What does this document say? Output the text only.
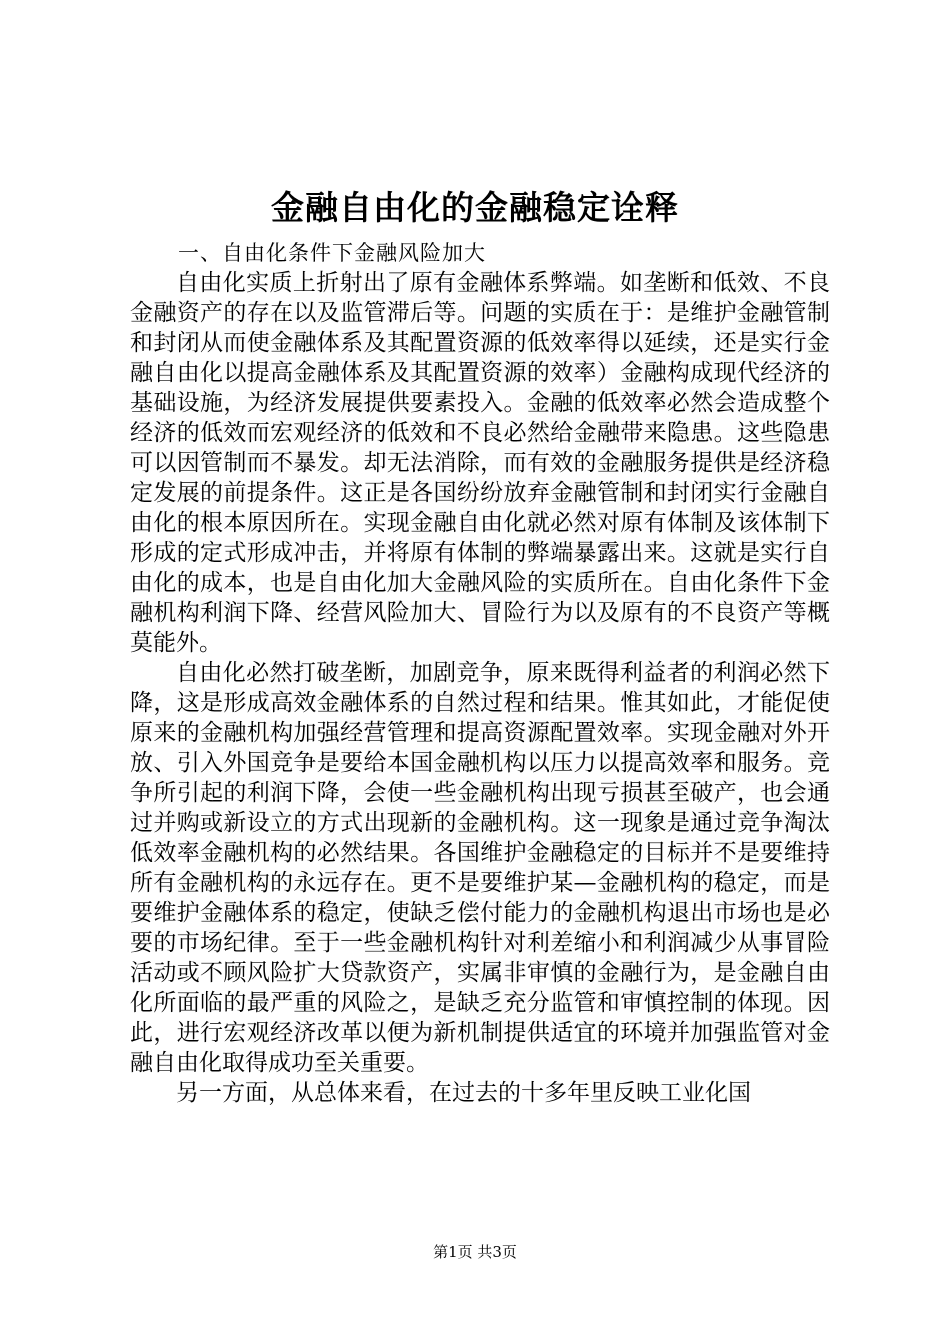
金融自由化的金融稳定诠释
一、自由化条件下金融风险加大

自由化实质上折射出了原有金融体系弊端。如垄断和低效、不良金融资产的存在以及监管滞后等。问题的实质在于：是维护金融管制和封闭从而使金融体系及其配置资源的低效率得以延续，还是实行金融自由化以提高金融体系及其配置资源的效率）金融构成现代经济的基础设施，为经济发展提供要素投入。金融的低效率必然会造成整个经济的低效而宏观经济的低效和不良必然给金融带来隐患。这些隐患可以因管制而不暴发。却无法消除，而有效的金融服务提供是经济稳定发展的前提条件。这正是各国纷纷放弃金融管制和封闭实行金融自由化的根本原因所在。实现金融自由化就必然对原有体制及该体制下形成的定式形成冲击，并将原有体制的弊端暴露出来。这就是实行自由化的成本，也是自由化加大金融风险的实质所在。自由化条件下金融机构利润下降、经营风险加大、冒险行为以及原有的不良资产等概莫能外。

自由化必然打破垄断，加剧竞争，原来既得利益者的利润必然下降，这是形成高效金融体系的自然过程和结果。惟其如此，才能促使原来的金融机构加强经营管理和提高资源配置效率。实现金融对外开放、引入外国竞争是要给本国金融机构以压力以提高效率和服务。竞争所引起的利润下降，会使一些金融机构出现亏损甚至破产，也会通过并购或新设立的方式出现新的金融机构。这一现象是通过竞争淘汰低效率金融机构的必然结果。各国维护金融稳定的目标并不是要维持所有金融机构的永远存在。更不是要维护某—金融机构的稳定，而是要维护金融体系的稳定，使缺乏偿付能力的金融机构退出市场也是必要的市场纪律。至于一些金融机构针对利差缩小和利润减少从事冒险活动或不顾风险扩大贷款资产，实属非审慎的金融行为，是金融自由化所面临的最严重的风险之，是缺乏充分监管和审慎控制的体现。因此，进行宏观经济改革以便为新机制提供适宜的环境并加强监管对金融自由化取得成功至关重要。

另一方面，从总体来看，在过去的十多年里反映工业化国

第1页 共3页
